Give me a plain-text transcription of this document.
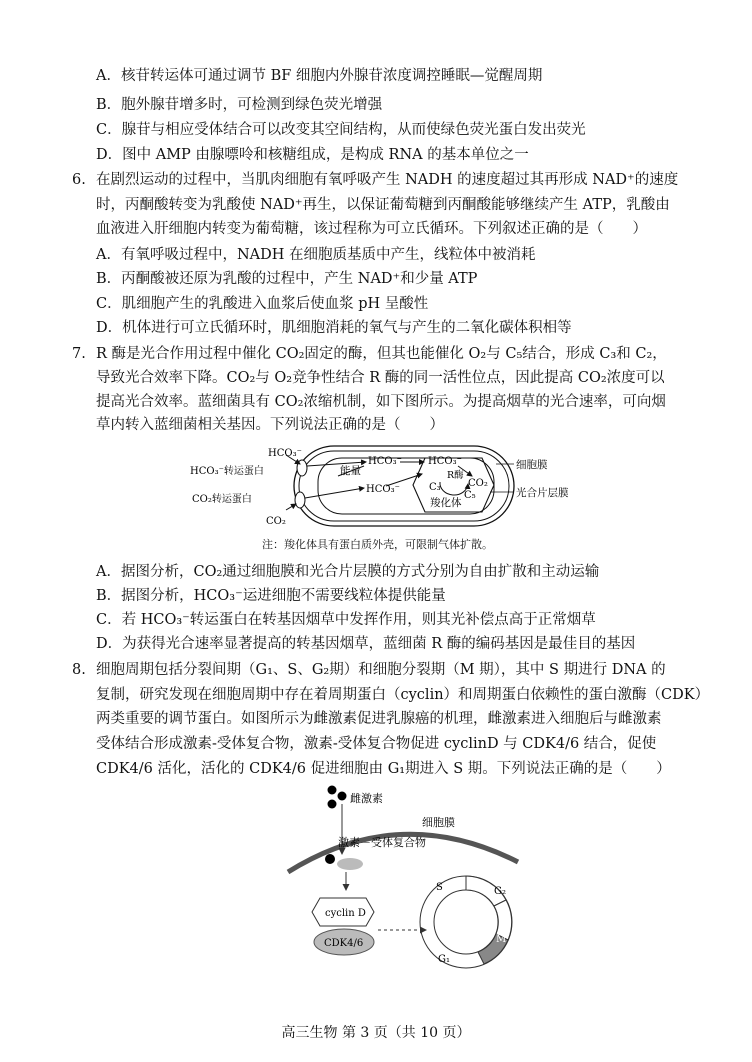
A．核苷转运体可通过调节 BF 细胞内外腺苷浓度调控睡眠—觉醒周期
B．胞外腺苷增多时，可检测到绿色荧光增强
C．腺苷与相应受体结合可以改变其空间结构，从而使绿色荧光蛋白发出荧光
D．图中 AMP 由腺嘌呤和核糖组成，是构成 RNA 的基本单位之一
6. 在剧烈运动的过程中，当肌肉细胞有氧呼吸产生 NADH 的速度超过其再形成 NAD⁺的速度
时，丙酮酸转变为乳酸使 NAD⁺再生，以保证葡萄糖到丙酮酸能够继续产生 ATP，乳酸由
血液进入肝细胞内转变为葡萄糖，该过程称为可立氏循环。下列叙述正确的是（　　）
A．有氧呼吸过程中，NADH 在细胞质基质中产生，线粒体中被消耗
B．丙酮酸被还原为乳酸的过程中，产生 NAD⁺和少量 ATP
C．肌细胞产生的乳酸进入血浆后使血浆 pH 呈酸性
D．机体进行可立氏循环时，肌细胞消耗的氧气与产生的二氧化碳体积相等
7. R 酶是光合作用过程中催化 CO₂固定的酶，但其也能催化 O₂与 C₅结合，形成 C₃和 C₂，
导致光合效率下降。CO₂与 O₂竞争性结合 R 酶的同一活性位点，因此提高 CO₂浓度可以
提高光合效率。蓝细菌具有 CO₂浓缩机制，如下图所示。为提高烟草的光合速率，可向烟
草内转入蓝细菌相关基因。下列说法正确的是（　　）
HCO₃⁻
HCO₃⁻转运蛋白
CO₂转运蛋白
CO₂
能量
HCO₃⁻
HCO₃⁻
HCO₃⁻
R酶
C₃	CO₂
C₅
羧化体
细胞膜
光合片层膜
注：羧化体具有蛋白质外壳，可限制气体扩散。
A．据图分析，CO₂通过细胞膜和光合片层膜的方式分别为自由扩散和主动运输
B．据图分析，HCO₃⁻运进细胞不需要线粒体提供能量
C．若 HCO₃⁻转运蛋白在转基因烟草中发挥作用，则其光补偿点高于正常烟草
D．为获得光合速率显著提高的转基因烟草，蓝细菌 R 酶的编码基因是最佳目的基因
8. 细胞周期包括分裂间期（G₁、S、G₂期）和细胞分裂期（M 期），其中 S 期进行 DNA 的
复制，研究发现在细胞周期中存在着周期蛋白（cyclin）和周期蛋白依赖性的蛋白激酶（CDK）
两类重要的调节蛋白。如图所示为雌激素促进乳腺癌的机理，雌激素进入细胞后与雌激素
受体结合形成激素-受体复合物，激素-受体复合物促进 cyclinD 与 CDK4/6 结合，促使
CDK4/6 活化，活化的 CDK4/6 促进细胞由 G₁期进入 S 期。下列说法正确的是（　　）
雌激素
细胞膜
激素－受体复合物
cyclin D
CDK4/6
S	G₂
M
G₁
高三生物 第 3 页（共 10 页）
